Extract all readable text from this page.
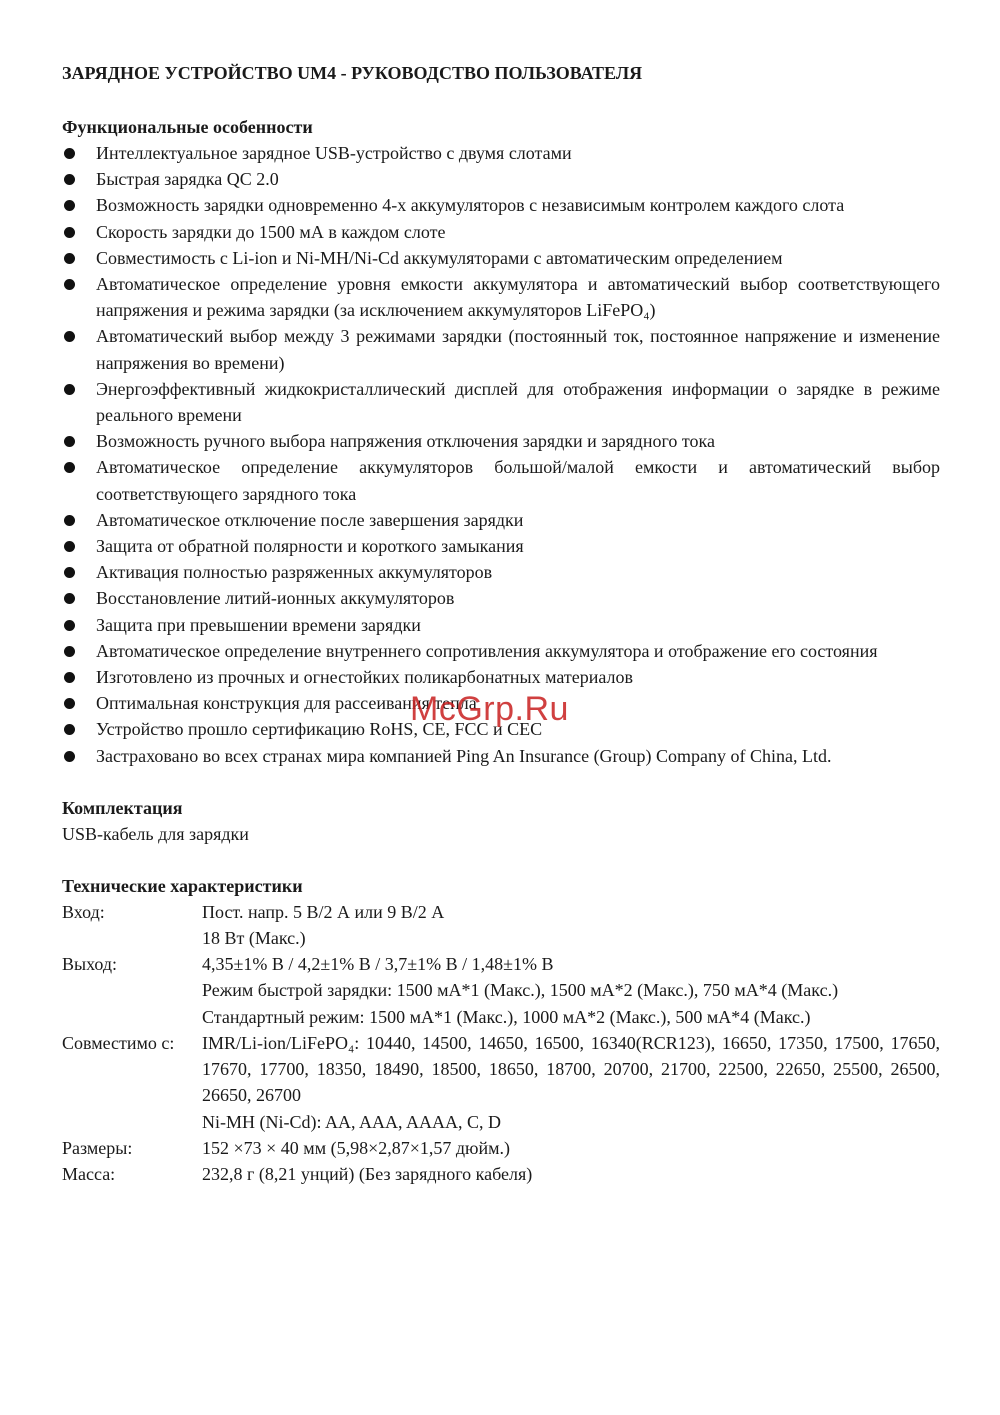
ЗАРЯДНОЕ УСТРОЙСТВО UM4 - РУКОВОДСТВО ПОЛЬЗОВАТЕЛЯ
Функциональные особенности
Интеллектуальное зарядное USB-устройство с двумя слотами
Быстрая зарядка QC 2.0
Возможность зарядки одновременно 4-х аккумуляторов с независимым контролем каждого слота
Скорость зарядки до 1500 мА в каждом слоте
Совместимость с Li-ion и Ni-MH/Ni-Cd аккумуляторами с автоматическим определением
Автоматическое определение уровня емкости аккумулятора и автоматический выбор соответствующего напряжения и режима зарядки (за исключением аккумуляторов LiFePO₄)
Автоматический выбор между 3 режимами зарядки (постоянный ток, постоянное напряжение и изменение напряжения во времени)
Энергоэффективный жидкокристаллический дисплей для отображения информации о зарядке в режиме реального времени
Возможность ручного выбора напряжения отключения зарядки и зарядного тока
Автоматическое определение аккумуляторов большой/малой емкости и автоматический выбор соответствующего зарядного тока
Автоматическое отключение после завершения зарядки
Защита от обратной полярности и короткого замыкания
Активация полностью разряженных аккумуляторов
Восстановление литий-ионных аккумуляторов
Защита при превышении времени зарядки
Автоматическое определение внутреннего сопротивления аккумулятора и отображение его состояния
Изготовлено из прочных и огнестойких поликарбонатных материалов
Оптимальная конструкция для рассеивания тепла
Устройство прошло сертификацию RoHS, CE, FCC и CEC
Застраховано во всех странах мира компанией Ping An Insurance (Group) Company of China, Ltd.
Комплектация

USB-кабель для зарядки

Технические характеристики
Вход:	Пост. напр. 5 В/2 А или 9 В/2 А
18 Вт (Макс.)

Выход:	4,35±1% В / 4,2±1% В / 3,7±1% В / 1,48±1% В
Режим быстрой зарядки: 1500 мА*1 (Макс.), 1500 мА*2 (Макс.), 750 мА*4 (Макс.)
Стандартный режим: 1500 мА*1 (Макс.), 1000 мА*2 (Макс.), 500 мА*4 (Макс.)

Совместимо с:	IMR/Li-ion/LiFePO₄: 10440, 14500, 14650, 16500, 16340(RCR123), 16650, 17350, 17500, 17650, 17670, 17700, 18350, 18490, 18500, 18650, 18700, 20700, 21700, 22500, 22650, 25500, 26500, 26650, 26700
Ni-MH (Ni-Cd): AA, AAA, AAAA, C, D

Размеры:	152 ×73 × 40 мм (5,98×2,87×1,57 дюйм.)

Масса:	232,8 г (8,21 унций) (Без зарядного кабеля)
McGrp.Ru
